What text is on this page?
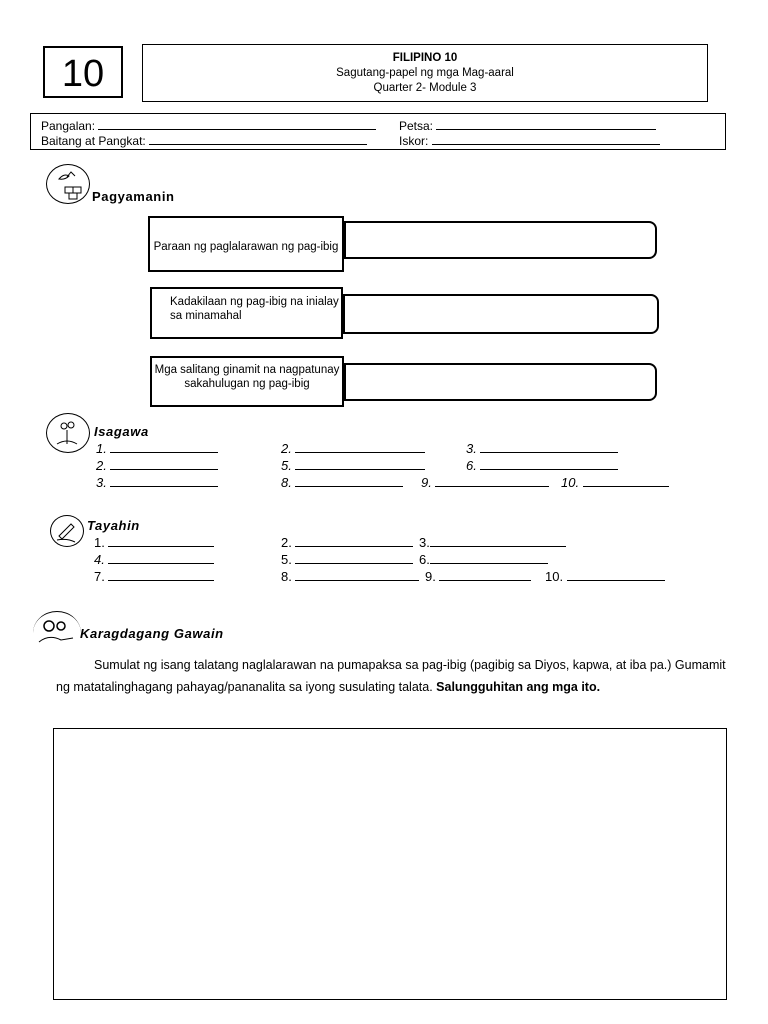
10	FILIPINO 10
Sagutang-papel ng mga Mag-aaral
Quarter 2- Module 3
Pangalan:	Petsa:
Baitang at Pangkat:	Iskor:
Pagyamanin
Paraan ng paglalarawan ng pag-ibig
Kadakilaan ng pag-ibig na inialay sa minamahal
Mga salitang ginamit na nagpatunay sakahulugan ng pag-ibig
Isagawa
1.	2.	3.
2.	5.	6.
3.	8.	9.	10.
Tayahin
1.	2.	3.
4.	5.	6.
7.	8.	9.	10.
Karagdagang Gawain
Sumulat ng isang talatang naglalarawan na pumapaksa sa pag-ibig (pagibig sa Diyos, kapwa, at iba pa.) Gumamit ng matatalinghagang pahayag/pananalita sa iyong susulating talata. Salungguhitan ang mga ito.
